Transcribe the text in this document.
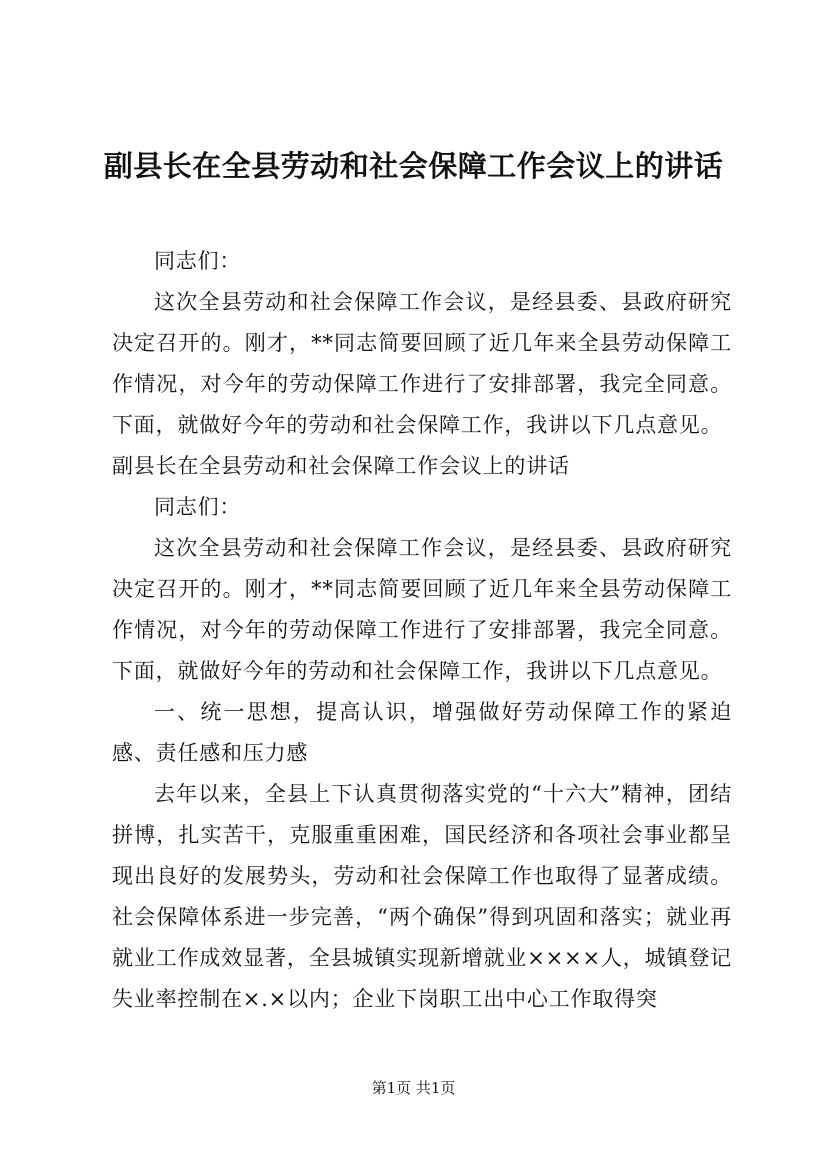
副县长在全县劳动和社会保障工作会议上的讲话

同志们：

这次全县劳动和社会保障工作会议，是经县委、县政府研究决定召开的。刚才，**同志简要回顾了近几年来全县劳动保障工作情况，对今年的劳动保障工作进行了安排部署，我完全同意。下面，就做好今年的劳动和社会保障工作，我讲以下几点意见。

副县长在全县劳动和社会保障工作会议上的讲话

同志们：

这次全县劳动和社会保障工作会议，是经县委、县政府研究决定召开的。刚才，**同志简要回顾了近几年来全县劳动保障工作情况，对今年的劳动保障工作进行了安排部署，我完全同意。下面，就做好今年的劳动和社会保障工作，我讲以下几点意见。

一、统一思想，提高认识，增强做好劳动保障工作的紧迫感、责任感和压力感

去年以来，全县上下认真贯彻落实党的“十六大”精神，团结拼博，扎实苦干，克服重重困难，国民经济和各项社会事业都呈现出良好的发展势头，劳动和社会保障工作也取得了显著成绩。社会保障体系进一步完善，“两个确保”得到巩固和落实；就业再就业工作成效显著，全县城镇实现新增就业××××人，城镇登记失业率控制在×.×以内；企业下岗职工出中心工作取得突

第1页 共1页
